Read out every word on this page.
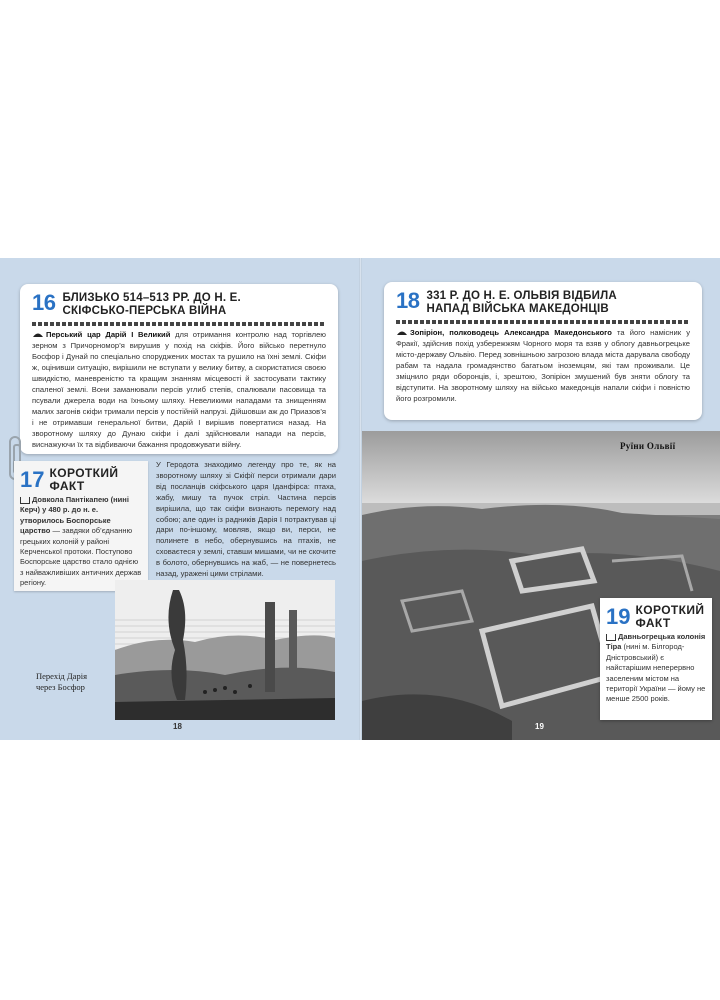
16 БЛИЗЬКО 514–513 РР. ДО Н. Е.
СКІФСЬКО-ПЕРСЬКА ВІЙНА
Перський цар Дарій І Великий для отримання контролю над торгівлею зерном з Причорномор’я вирушив у похід на скіфів. Його військо перетнуло Босфор і Дунай по спеціально споруджених мостах та рушило на їхні землі. Скіфи ж, оцінивши ситуацію, вирішили не вступати у велику битву, а скористатися своєю швидкістю, маневреністю та кращим знанням місцевості й застосувати тактику спаленої землі. Вони заманювали персів углиб степів, спалювали пасовища та псували джерела води на їхньому шляху. Невеликими нападами та знищенням малих загонів скіфи тримали персів у постійній напрузі. Дійшовши аж до Приазов’я і не отримавши генеральної битви, Дарій І вирішив повертатися назад. На зворотному шляху до Дунаю скіфи і далі здійснювали напади на персів, виснажуючи їх та відбиваючи бажання продовжувати війну.
17 КОРОТКИЙ ФАКТ
Довкола Пантікапею (нині Керч) у 480 р. до н. е. утворилось Боспорське царство — завдяки об’єднанню грецьких колоній у районі Керченської протоки. Поступово Боспорське царство стало однією з найважливіших античних держав регіону.
У Геродота знаходимо легенду про те, як на зворотному шляху зі Скіфії перси отримали дари від посланців скіфського царя Іданфірса: птаха, жабу, мишу та пучок стріл. Частина персів вирішила, що так скіфи визнають перемогу над собою; але один із радників Дарія І потрактував ці дари по-іншому, мовляв, якщо ви, перси, не полинете в небо, обернувшись на птахів, не сховаєтеся у землі, ставши мишами, чи не скочите в болото, обернувшись на жаб, — не повернетесь назад, уражені цими стрілами.
Перехід Дарія через Босфор
18
18 331 Р. ДО Н. Е. ОЛЬВІЯ ВІДБИЛА НАПАД ВІЙСЬКА МАКЕДОНЦІВ
Зопіріон, полководець Александра Македонського та його намісник у Фракії, здійснив похід узбережжям Чорного моря та взяв у облогу давньогрецьке місто-державу Ольвію. Перед зовнішньою загрозою влада міста дарувала свободу рабам та надала громадянство багатьом іноземцям, які там проживали. Це зміцнило ряди оборонців, і, зрештою, Зопіріон змушений був зняти облогу та відступити. На зворотному шляху на військо македонців напали скіфи і повністю його розгромили.
Руїни Ольвії
19 КОРОТКИЙ ФАКТ
Давньогрецька колонія Тіра (нині м. Білгород-Дністровський) є найстарішим неперервно заселеним містом на території України — йому не менше 2500 років.
19
